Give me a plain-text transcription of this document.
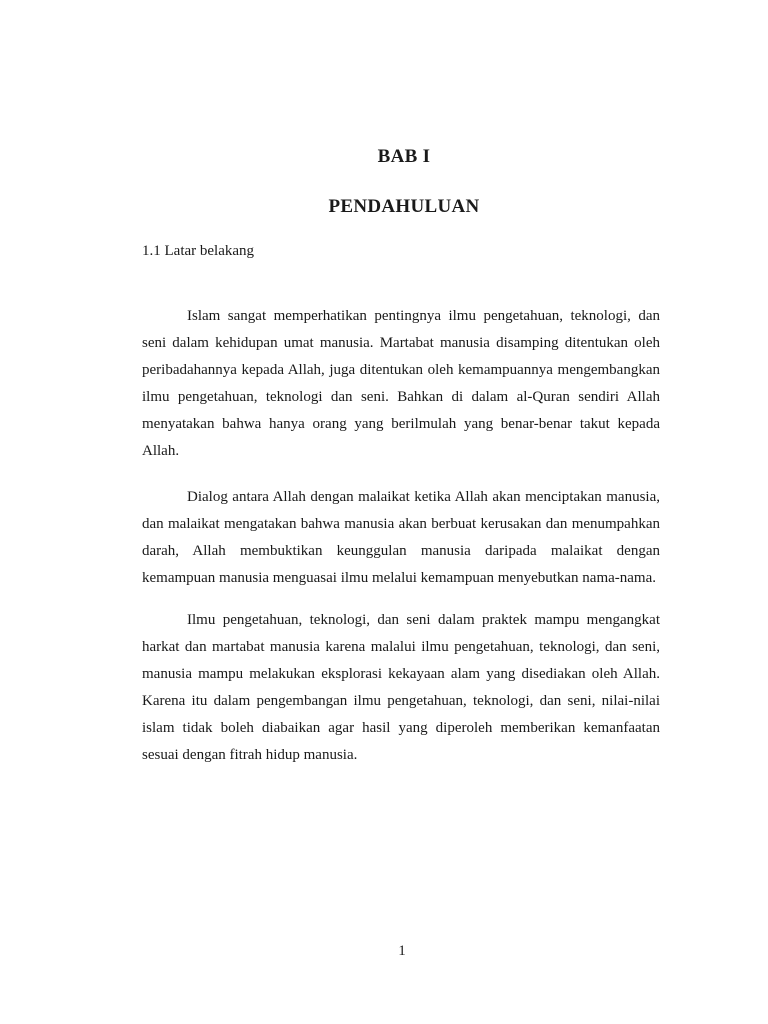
BAB I
PENDAHULUAN
1.1 Latar belakang

Islam sangat memperhatikan pentingnya ilmu pengetahuan, teknologi, dan seni dalam kehidupan umat manusia. Martabat manusia disamping ditentukan oleh peribadahannya kepada Allah, juga ditentukan oleh kemampuannya mengembangkan ilmu pengetahuan, teknologi dan seni. Bahkan di dalam al-Quran sendiri Allah menyatakan bahwa hanya orang yang berilmulah yang benar-benar takut kepada Allah.

Dialog antara Allah dengan malaikat ketika Allah akan menciptakan manusia, dan malaikat mengatakan bahwa manusia akan berbuat kerusakan dan menumpahkan darah, Allah membuktikan keunggulan manusia daripada malaikat dengan kemampuan manusia menguasai ilmu melalui kemampuan menyebutkan nama-nama.

Ilmu pengetahuan, teknologi, dan seni dalam praktek mampu mengangkat harkat dan martabat manusia karena malalui ilmu pengetahuan, teknologi, dan seni, manusia mampu melakukan eksplorasi kekayaan alam yang disediakan oleh Allah. Karena itu dalam pengembangan ilmu pengetahuan, teknologi, dan seni, nilai-nilai islam tidak boleh diabaikan agar hasil yang diperoleh memberikan kemanfaatan sesuai dengan fitrah hidup manusia.

1
